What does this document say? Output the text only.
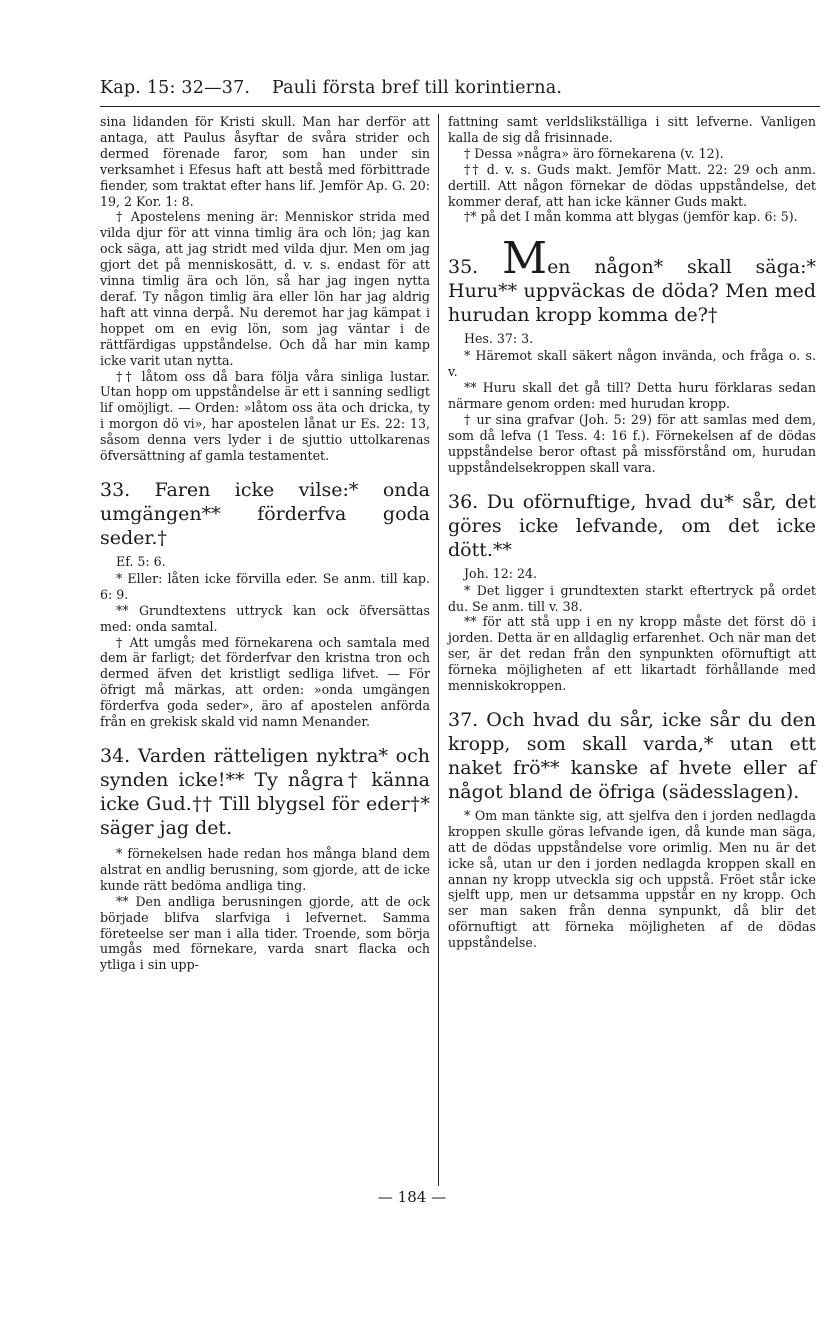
Kap. 15: 32—37. Pauli första bref till korintierna.

sina lidanden för Kristi skull. Man har derför att antaga, att Paulus åsyftar de svåra strider och dermed förenade faror, som han under sin verksamhet i Efesus haft att bestå med förbittrade fiender, som traktat efter hans lif. Jemför Ap. G. 20: 19, 2 Kor. 1: 8.

† Apostelens mening är: Menniskor strida med vilda djur för att vinna timlig ära och lön; jag kan ock säga, att jag stridt med vilda djur. Men om jag gjort det på menniskosätt, d. v. s. endast för att vinna timlig ära och lön, så har jag ingen nytta deraf. Ty någon timlig ära eller lön har jag aldrig haft att vinna derpå. Nu deremot har jag kämpat i hoppet om en evig lön, som jag väntar i de rättfärdigas uppståndelse. Och då har min kamp icke varit utan nytta.

†† låtom oss då bara följa våra sinliga lustar. Utan hopp om uppståndelse är ett i sanning sedligt lif omöjligt. — Orden: »låtom oss äta och dricka, ty i morgon dö vi», har apostelen lånat ur Es. 22: 13, såsom denna vers lyder i de sjuttio uttolkarenas öfversättning af gamla testamentet.

33. Faren icke vilse:* onda umgängen** förderfva goda seder.†

Ef. 5: 6.

* Eller: låten icke förvilla eder. Se anm. till kap. 6: 9.

** Grundtextens uttryck kan ock öfversättas med: onda samtal.

† Att umgås med förnekarena och samtala med dem är farligt; det förderfvar den kristna tron och dermed äfven det kristligt sedliga lifvet. — För öfrigt må märkas, att orden: »onda umgängen förderfva goda seder», äro af apostelen anförda från en grekisk skald vid namn Menander.

34. Varden rätteligen nyktra* och synden icke!** Ty några† känna icke Gud.†† Till blygsel för eder†* säger jag det.

* förnekelsen hade redan hos många bland dem alstrat en andlig berusning, som gjorde, att de icke kunde rätt bedöma andliga ting.

** Den andliga berusningen gjorde, att de ock började blifva slarfviga i lefvernet. Samma företeelse ser man i alla tider. Troende, som börja umgås med förnekare, varda snart flacka och ytliga i sin upp-

fattning samt verldslikställiga i sitt lefverne. Vanligen kalla de sig då frisinnade.

† Dessa »några» äro förnekarena (v. 12).

†† d. v. s. Guds makt. Jemför Matt. 22: 29 och anm. dertill. Att någon förnekar de dödas uppståndelse, det kommer deraf, att han icke känner Guds makt.

†* på det I mån komma att blygas (jemför kap. 6: 5).

35. Men någon* skall säga:* Huru** uppväckas de döda? Men med hurudan kropp komma de?†

Hes. 37: 3.

* Häremot skall säkert någon invända, och fråga o. s. v.

** Huru skall det gå till? Detta huru förklaras sedan närmare genom orden: med hurudan kropp.

† ur sina grafvar (Joh. 5: 29) för att samlas med dem, som då lefva (1 Tess. 4: 16 f.). Förnekelsen af de dödas uppståndelse beror oftast på missförstånd om, hurudan uppståndelsekroppen skall vara.

36. Du oförnuftige, hvad du* sår, det göres icke lefvande, om det icke dött.**

Joh. 12: 24.

* Det ligger i grundtexten starkt eftertryck på ordet du. Se anm. till v. 38.

** för att stå upp i en ny kropp måste det först dö i jorden. Detta är en alldaglig erfarenhet. Och när man det ser, är det redan från den synpunkten oförnuftigt att förneka möjligheten af ett likartadt förhållande med menniskokroppen.

37. Och hvad du sår, icke sår du den kropp, som skall varda,* utan ett naket frö** kanske af hvete eller af något bland de öfriga (sädesslagen).

* Om man tänkte sig, att sjelfva den i jorden nedlagda kroppen skulle göras lefvande igen, då kunde man säga, att de dödas uppståndelse vore orimlig. Men nu är det icke så, utan ur den i jorden nedlagda kroppen skall en annan ny kropp utveckla sig och uppstå. Fröet står icke sjelft upp, men ur detsamma uppstår en ny kropp. Och ser man saken från denna synpunkt, då blir det oförnuftigt att förneka möjligheten af de dödas uppståndelse.

— 184 —
